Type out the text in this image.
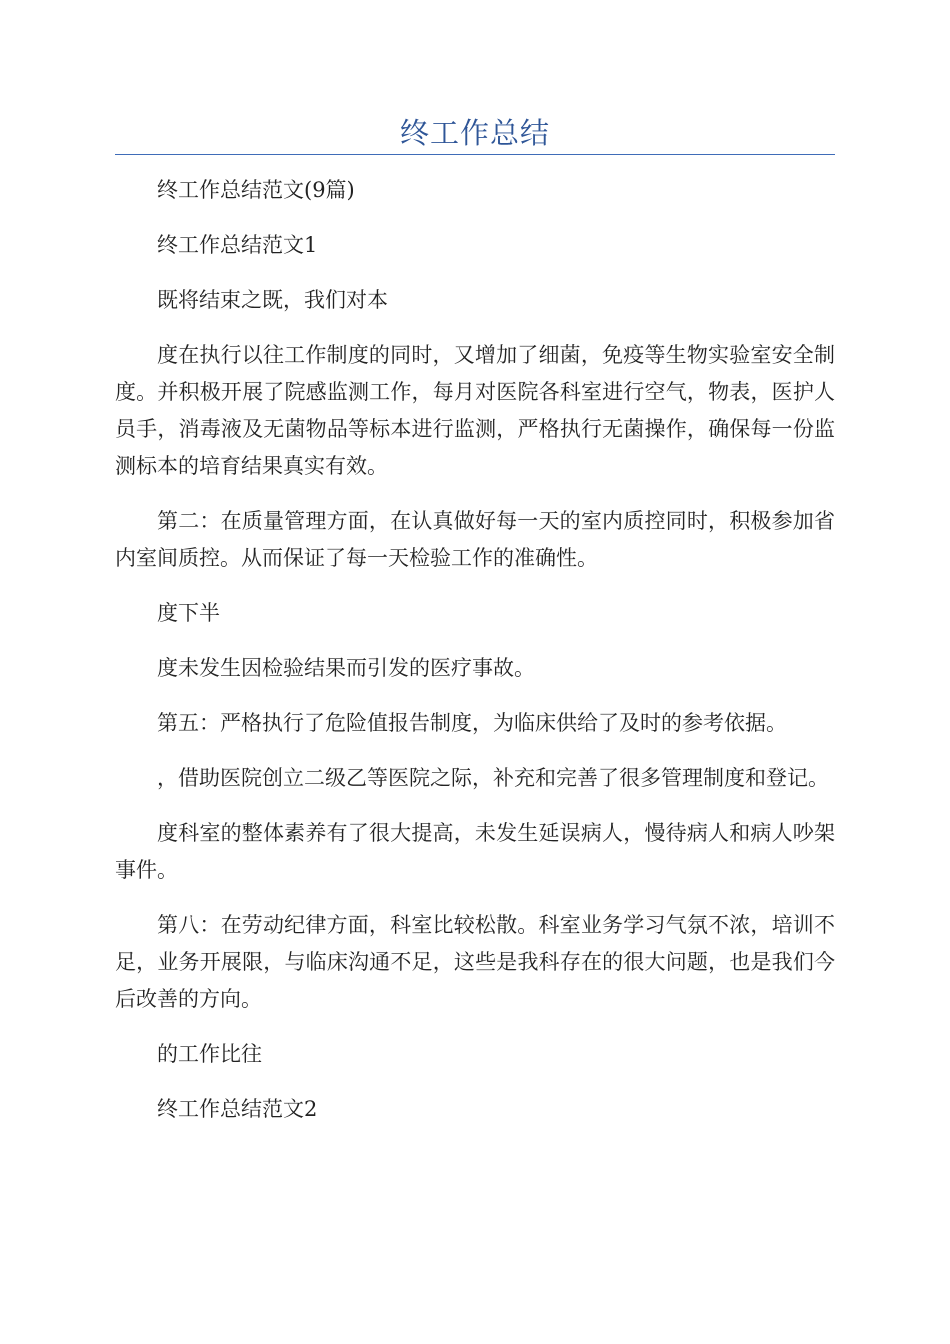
终工作总结

终工作总结范文(9篇)

终工作总结范文1

既将结束之既，我们对本

度在执行以往工作制度的同时，又增加了细菌，免疫等生物实验室安全制度。并积极开展了院感监测工作，每月对医院各科室进行空气，物表，医护人员手，消毒液及无菌物品等标本进行监测，严格执行无菌操作，确保每一份监测标本的培育结果真实有效。

第二：在质量管理方面，在认真做好每一天的室内质控同时，积极参加省内室间质控。从而保证了每一天检验工作的准确性。

度下半

度未发生因检验结果而引发的医疗事故。

第五：严格执行了危险值报告制度，为临床供给了及时的参考依据。

，借助医院创立二级乙等医院之际，补充和完善了很多管理制度和登记。

度科室的整体素养有了很大提高，未发生延误病人，慢待病人和病人吵架事件。

第八：在劳动纪律方面，科室比较松散。科室业务学习气氛不浓，培训不足，业务开展限，与临床沟通不足，这些是我科存在的很大问题，也是我们今后改善的方向。

的工作比往

终工作总结范文2
